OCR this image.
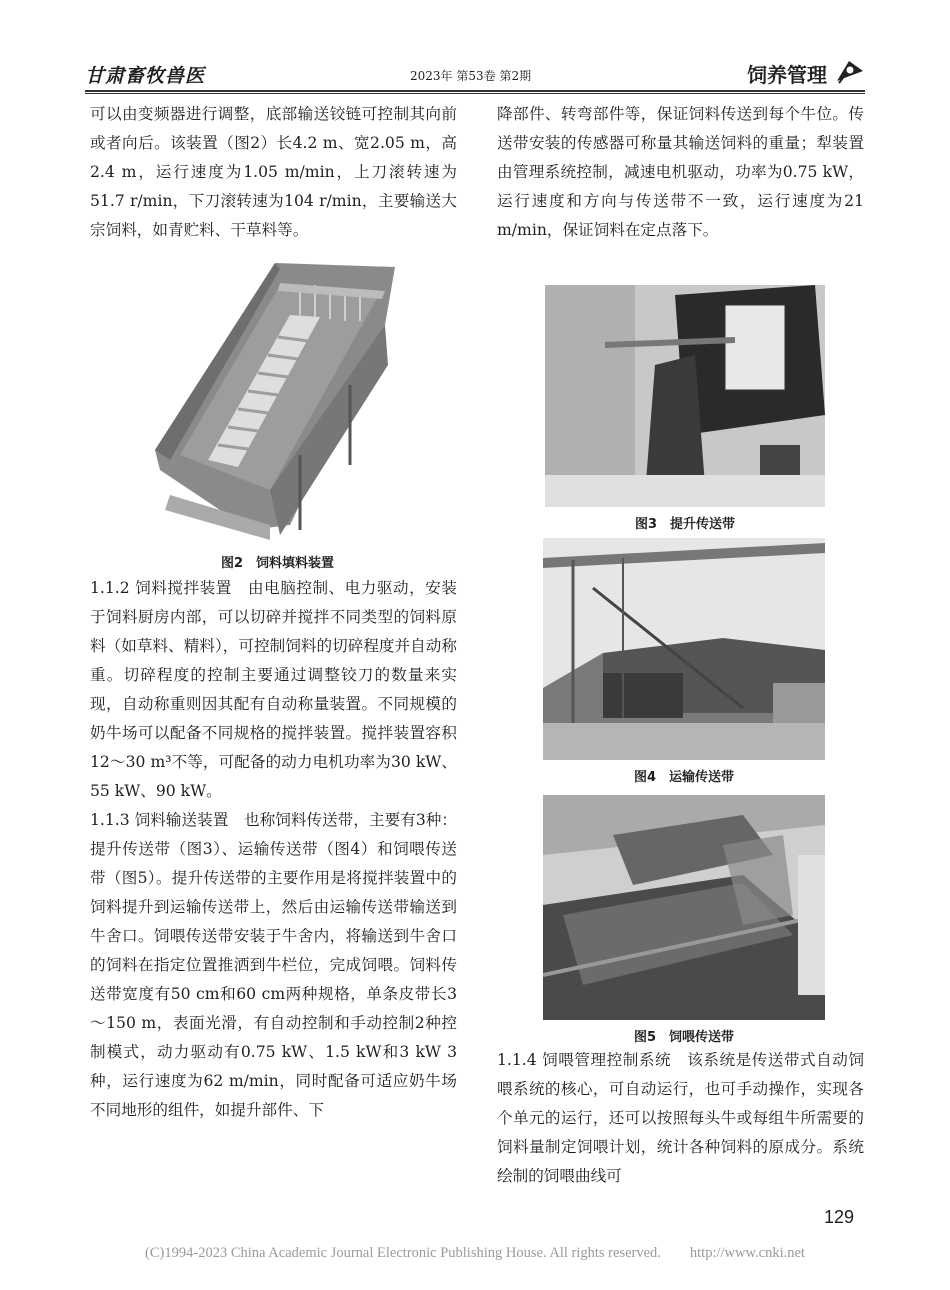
甘肃畜牧兽医	2023年 第53卷 第2期	饲养管理

可以由变频器进行调整，底部输送铰链可控制其向前或者向后。该装置（图2）长4.2 m、宽2.05 m，高2.4 m，运行速度为1.05 m/min，上刀滚转速为51.7 r/min，下刀滚转速为104 r/min，主要输送大宗饲料，如青贮料、干草料等。

图2　饲料填料装置

1.1.2 饲料搅拌装置　由电脑控制、电力驱动，安装于饲料厨房内部，可以切碎并搅拌不同类型的饲料原料（如草料、精料），可控制饲料的切碎程度并自动称重。切碎程度的控制主要通过调整铰刀的数量来实现，自动称重则因其配有自动称量装置。不同规模的奶牛场可以配备不同规格的搅拌装置。搅拌装置容积12～30 m³不等，可配备的动力电机功率为30 kW、55 kW、90 kW。

1.1.3 饲料输送装置　也称饲料传送带，主要有3种：提升传送带（图3）、运输传送带（图4）和饲喂传送带（图5）。提升传送带的主要作用是将搅拌装置中的饲料提升到运输传送带上，然后由运输传送带输送到牛舍口。饲喂传送带安装于牛舍内，将输送到牛舍口的饲料在指定位置推洒到牛栏位，完成饲喂。饲料传送带宽度有50 cm和60 cm两种规格，单条皮带长3～150 m，表面光滑，有自动控制和手动控制2种控制模式，动力驱动有0.75 kW、1.5 kW和3 kW 3种，运行速度为62 m/min，同时配备可适应奶牛场不同地形的组件，如提升部件、下

降部件、转弯部件等，保证饲料传送到每个牛位。传送带安装的传感器可称量其输送饲料的重量；犁装置由管理系统控制，减速电机驱动，功率为0.75 kW，运行速度和方向与传送带不一致，运行速度为21 m/min，保证饲料在定点落下。

图3　提升传送带
图4　运输传送带
图5　饲喂传送带

1.1.4 饲喂管理控制系统　该系统是传送带式自动饲喂系统的核心，可自动运行，也可手动操作，实现各个单元的运行，还可以按照每头牛或每组牛所需要的饲料量制定饲喂计划，统计各种饲料的原成分。系统绘制的饲喂曲线可

129
(C)1994-2023 China Academic Journal Electronic Publishing House. All rights reserved.　　http://www.cnki.net
